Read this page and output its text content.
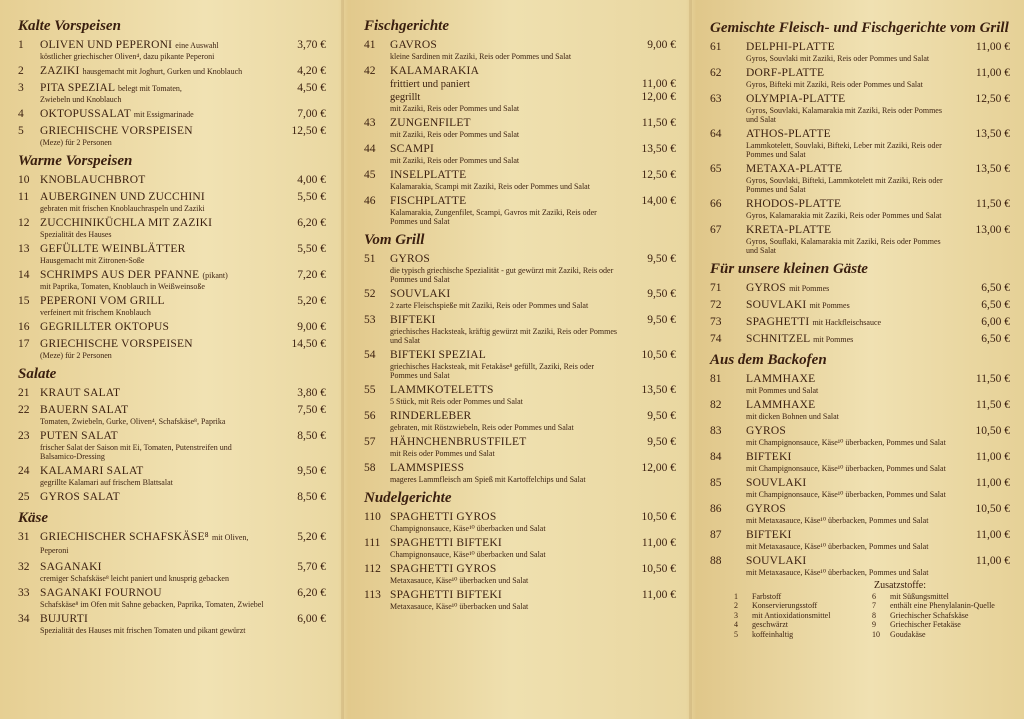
Kalte Vorspeisen
1	OLIVEN UND PEPERONI eine Auswahl
köstlicher griechischer Oliven⁴, dazu pikante Peperoni
3,70 €
2	ZAZIKI hausgemacht mit Joghurt, Gurken und Knoblauch	4,20 €
3	PITA SPEZIAL belegt mit Tomaten,
Zwiebeln und Knoblauch
4,50 €
4	OKTOPUSSALAT mit Essigmarinade	7,00 €
5	GRIECHISCHE VORSPEISEN
(Meze) für 2 Personen
12,50 €
Warme Vorspeisen
10 KNOBLAUCHBROT	4,00 €
11 AUBERGINEN UND ZUCCHINI
gebraten mit frischen Knoblauchraspeln und Zaziki
5,50 €
12 ZUCCHINIKÜCHLA MIT ZAZIKI
Spezialität des Hauses
6,20 €
13 GEFÜLLTE WEINBLÄTTER
Hausgemacht mit Zitronen-Soße
5,50 €
14 SCHRIMPS AUS DER PFANNE (pikant)
mit Paprika, Tomaten, Knoblauch in Weißweinsoße
7,20 €
15 PEPERONI VOM GRILL
verfeinert mit frischem Knoblauch
5,20 €
16 GEGRILLTER OKTOPUS	9,00 €
17 GRIECHISCHE VORSPEISEN
(Meze) für 2 Personen
14,50 €
Salate
21 KRAUT SALAT	3,80 €
22 BAUERN SALAT
Tomaten, Zwiebeln, Gurke, Oliven⁴, Schafskäse⁸, Paprika
7,50 €
23 PUTEN SALAT
frischer Salat der Saison mit Ei, Tomaten, Putenstreifen und Balsamico-Dressing
8,50 €
24 KALAMARI SALAT
gegrillte Kalamari auf frischem Blattsalat
9,50 €
25 GYROS SALAT	8,50 €
Käse
31 GRIECHISCHER SCHAFSKÄSE⁸ mit Oliven, Peperoni
5,20 €
32 SAGANAKI
cremiger Schafskäse⁸ leicht paniert und knusprig gebacken
5,70 €
33 SAGANAKI FOURNOU
Schafskäse⁸ im Ofen mit Sahne gebacken, Paprika, Tomaten, Zwiebel
6,20 €
34 BUJURTI
Spezialität des Hauses mit frischen Tomaten und pikant gewürzt
6,00 €
Fischgerichte
41	GAVROS
kleine Sardinen mit Zaziki, Reis oder Pommes und Salat
9,00 €
42	KALAMARAKIA
frittiert und paniert	11,00 €
gegrillt	12,00 €
mit Zaziki, Reis oder Pommes und Salat
43	ZUNGENFILET
mit Zaziki, Reis oder Pommes und Salat
11,50 €
44	SCAMPI
mit Zaziki, Reis oder Pommes und Salat
13,50 €
45	INSELPLATTE
Kalamarakia, Scampi mit Zaziki, Reis oder Pommes und Salat
12,50 €
46	FISCHPLATTE
Kalamarakia, Zungenfilet, Scampi, Gavros mit Zaziki, Reis oder Pommes und Salat
14,00 €
Vom Grill
51	GYROS
die typisch griechische Spezialität - gut gewürzt mit Zaziki, Reis oder Pommes und Salat
9,50 €
52	SOUVLAKI
2 zarte Fleischspieße mit Zaziki, Reis oder Pommes und Salat
9,50 €
53	BIFTEKI
griechisches Hacksteak, kräftig gewürzt mit Zaziki, Reis oder Pommes und Salat
9,50 €
54	BIFTEKI SPEZIAL
griechisches Hacksteak, mit Fetakäse⁸ gefüllt, Zaziki, Reis oder Pommes und Salat
10,50 €
55	LAMMKOTELETTS
5 Stück, mit Reis oder Pommes und Salat
13,50 €
56	RINDERLEBER
gebraten, mit Röstzwiebeln, Reis oder Pommes und Salat
9,50 €
57	HÄHNCHENBRUSTFILET
mit Reis oder Pommes und Salat
9,50 €
58	LAMMSPIESS
mageres Lammfleisch am Spieß mit Kartoffelchips und Salat
12,00 €
Nudelgerichte
110 SPAGHETTI GYROS
Champignonsauce, Käse¹⁰ überbacken und Salat
10,50 €
111 SPAGHETTI BIFTEKI
Champignonsauce, Käse¹⁰ überbacken und Salat
11,00 €
112 SPAGHETTI GYROS
Metaxasauce, Käse¹⁰ überbacken und Salat
10,50 €
113 SPAGHETTI BIFTEKI
Metaxasauce, Käse¹⁰ überbacken und Salat
11,00 €
Gemischte Fleisch- und Fischgerichte vom Grill
61	DELPHI-PLATTE
Gyros, Souvlaki mit Zaziki, Reis oder Pommes und Salat
11,00 €
62	DORF-PLATTE
Gyros, Bifteki mit Zaziki, Reis oder Pommes und Salat
11,00 €
63	OLYMPIA-PLATTE
Gyros, Souvlaki, Kalamarakia mit Zaziki, Reis oder Pommes und Salat
12,50 €
64	ATHOS-PLATTE
Lammkotelett, Souvlaki, Bifteki, Leber mit Zaziki, Reis oder Pommes und Salat
13,50 €
65	METAXA-PLATTE
Gyros, Souvlaki, Bifteki, Lammkotelett mit Zaziki, Reis oder Pommes und Salat
13,50 €
66	RHODOS-PLATTE
Gyros, Kalamarakia mit Zaziki, Reis oder Pommes und Salat
11,50 €
67	KRETA-PLATTE
Gyros, Souflaki, Kalamarakia mit Zaziki, Reis oder Pommes und Salat
13,00 €
Für unsere kleinen Gäste
71	GYROS mit Pommes	6,50 €
72	SOUVLAKI mit Pommes	6,50 €
73	SPAGHETTI mit Hackfleischsauce	6,00 €
74	SCHNITZEL mit Pommes	6,50 €
Aus dem Backofen
81	LAMMHAXE
mit Pommes und Salat
11,50 €
82	LAMMHAXE
mit dicken Bohnen und Salat
11,50 €
83	GYROS
mit Champignonsauce, Käse¹⁰ überbacken, Pommes und Salat
10,50 €
84	BIFTEKI
mit Champignonsauce, Käse¹⁰ überbacken, Pommes und Salat
11,00 €
85	SOUVLAKI
mit Champignonsauce, Käse¹⁰ überbacken, Pommes und Salat
11,00 €
86	GYROS
mit Metaxasauce, Käse¹⁰ überbacken, Pommes und Salat
10,50 €
87	BIFTEKI
mit Metaxasauce, Käse¹⁰ überbacken, Pommes und Salat
11,00 €
88	SOUVLAKI
mit Metaxasauce, Käse¹⁰ überbacken, Pommes und Salat
11,00 €
Zusatzstoffe:
1	Farbstoff
2	Konservierungsstoff
3	mit Antioxidationsmittel
4	geschwärzt
5	koffeinhaltig
6	mit Süßungsmittel
7	enthält eine Phenylalanin-Quelle
8	Griechischer Schafskäse
9	Griechischer Fetakäse
10	Goudakäse
